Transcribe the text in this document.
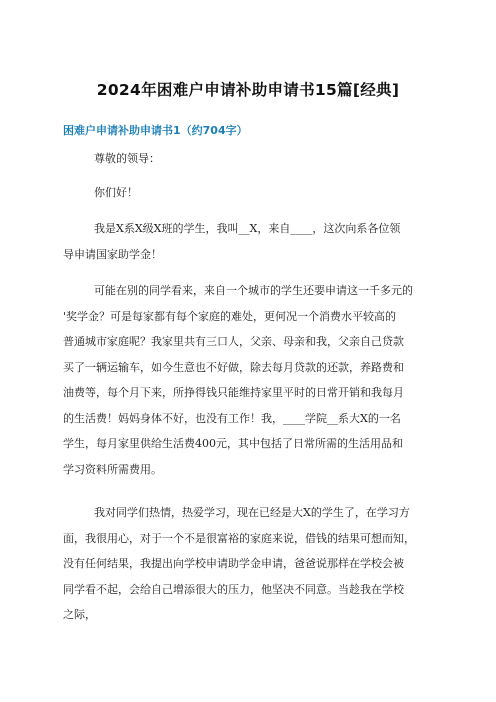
2024年困难户申请补助申请书15篇[经典]
困难户申请补助申请书1（约704字）
尊敬的领导：
你们好！
我是X系X级X班的学生，我叫__X，来自____，这次向系各位领
导申请国家助学金！
可能在别的同学看来，来自一个城市的学生还要申请这一千多元的
'奖学金？可是每家都有每个家庭的难处，更何况一个消费水平较高的
普通城市家庭呢？我家里共有三口人，父亲、母亲和我，父亲自己贷款
买了一辆运输车，如今生意也不好做，除去每月贷款的还款，养路费和
油费等，每个月下来，所挣得钱只能维持家里平时的日常开销和我每月
的生活费！妈妈身体不好，也没有工作！我，____学院__系大X的一名
学生，每月家里供给生活费400元，其中包括了日常所需的生活用品和
学习资料所需费用。
我对同学们热情，热爱学习，现在已经是大X的学生了，在学习方
面，我很用心，对于一个不是很富裕的家庭来说，借钱的结果可想而知，
没有任何结果，我提出向学校申请助学金申请，爸爸说那样在学校会被
同学看不起，会给自己增添很大的压力，他坚决不同意。当趁我在学校
之际，
